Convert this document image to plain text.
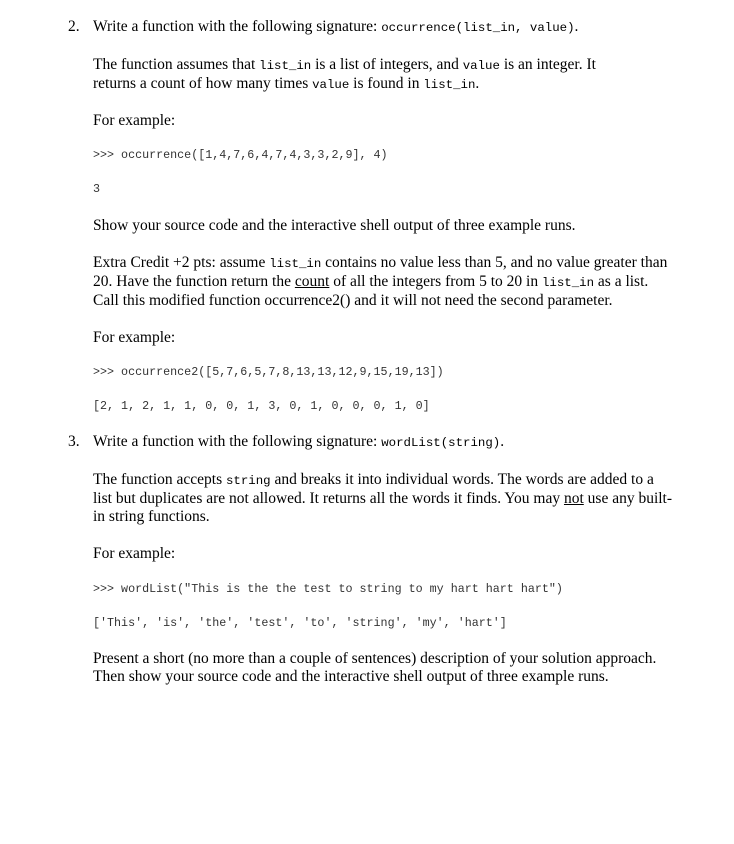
2. Write a function with the following signature: occurrence(list_in, value).

The function assumes that list_in is a list of integers, and value is an integer. It returns a count of how many times value is found in list_in.

For example:

>>> occurrence([1,4,7,6,4,7,4,3,3,2,9], 4)
3

Show your source code and the interactive shell output of three example runs.

Extra Credit +2 pts: assume list_in contains no value less than 5, and no value greater than 20. Have the function return the count of all the integers from 5 to 20 in list_in as a list. Call this modified function occurrence2() and it will not need the second parameter.

For example:

>>> occurrence2([5,7,6,5,7,8,13,13,12,9,15,19,13])
[2, 1, 2, 1, 1, 0, 0, 1, 3, 0, 1, 0, 0, 0, 1, 0]
3. Write a function with the following signature: wordList(string).

The function accepts string and breaks it into individual words. The words are added to a list but duplicates are not allowed. It returns all the words it finds. You may not use any built-in string functions.

For example:

>>> wordList("This is the the test to string to my hart hart hart")
['This', 'is', 'the', 'test', 'to', 'string', 'my', 'hart']

Present a short (no more than a couple of sentences) description of your solution approach. Then show your source code and the interactive shell output of three example runs.
